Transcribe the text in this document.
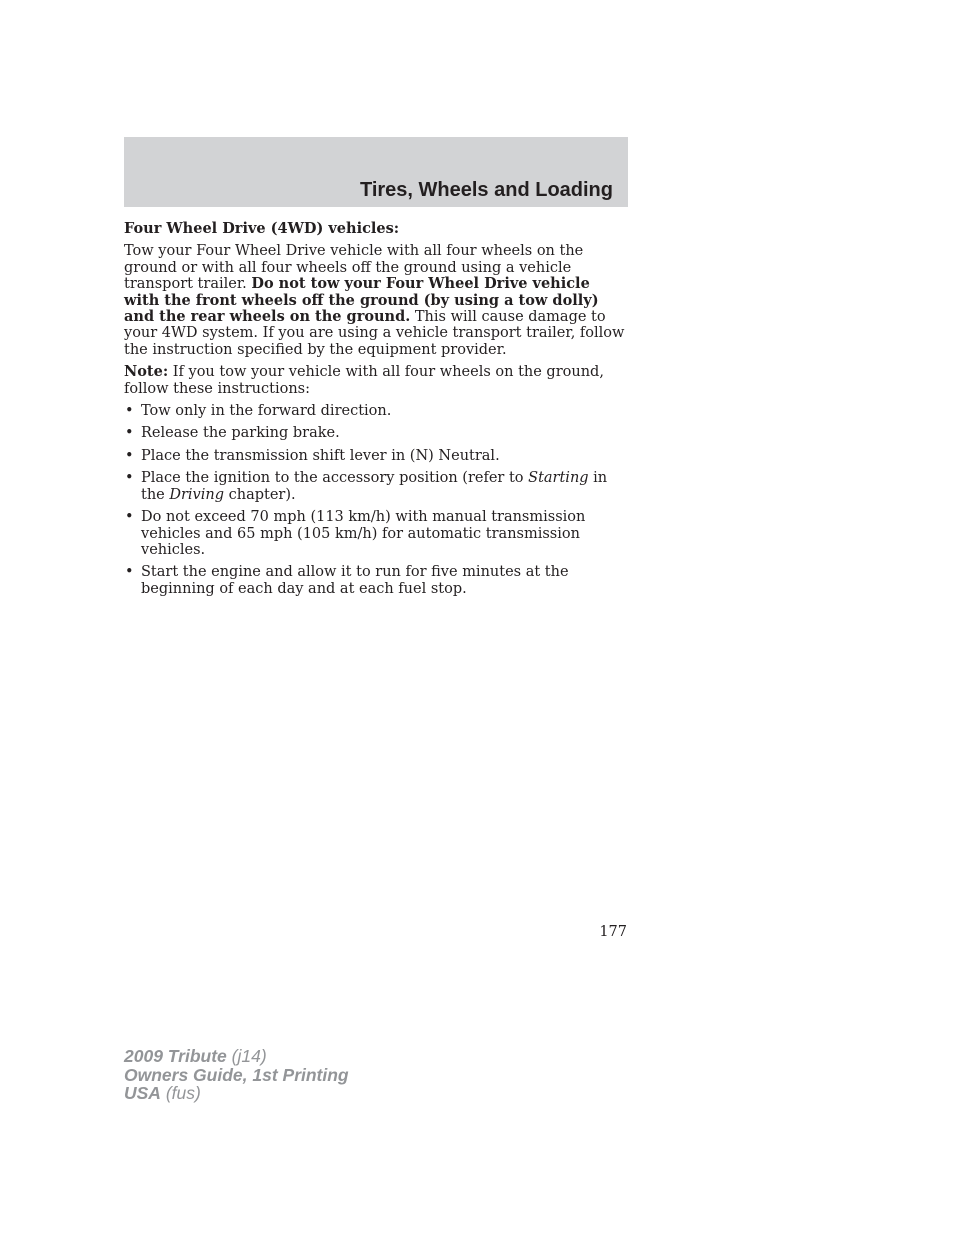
Tires, Wheels and Loading

Four Wheel Drive (4WD) vehicles:

Tow your Four Wheel Drive vehicle with all four wheels on the ground or with all four wheels off the ground using a vehicle transport trailer. Do not tow your Four Wheel Drive vehicle with the front wheels off the ground (by using a tow dolly) and the rear wheels on the ground. This will cause damage to your 4WD system. If you are using a vehicle transport trailer, follow the instruction specified by the equipment provider.

Note: If you tow your vehicle with all four wheels on the ground, follow these instructions:

• Tow only in the forward direction.
• Release the parking brake.
• Place the transmission shift lever in (N) Neutral.
• Place the ignition to the accessory position (refer to Starting in the Driving chapter).
• Do not exceed 70 mph (113 km/h) with manual transmission vehicles and 65 mph (105 km/h) for automatic transmission vehicles.
• Start the engine and allow it to run for five minutes at the beginning of each day and at each fuel stop.
177
2009 Tribute (j14)
Owners Guide, 1st Printing
USA (fus)
